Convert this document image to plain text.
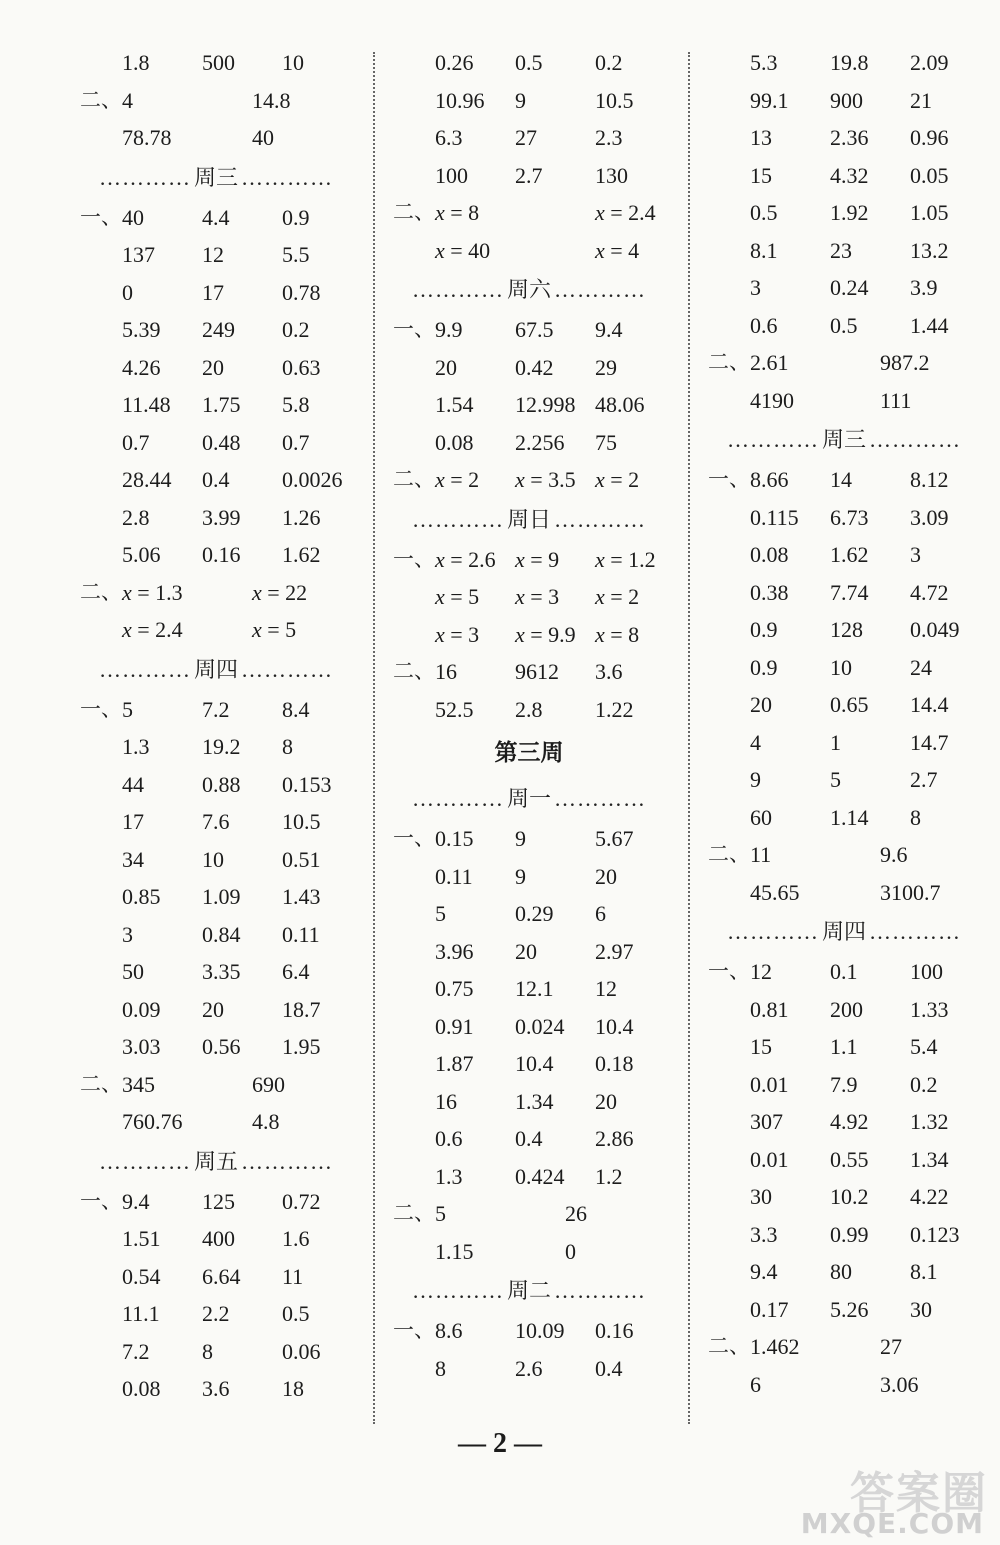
1.8 500 10
二、 4	14.8
78.78	40
………… 周三 …………
一、 40	4.4 0.9
137 12	5.5
0	17	0.78
5.39 249 0.2
4.26 20	0.63
11.48 1.75 5.8
0.7 0.48 0.7
28.44 0.4 0.0026
2.8 3.99 1.26
5.06 0.16 1.62
二、 x = 1.3	x = 22
x = 2.4	x = 5
………… 周四 …………
一、 5	7.2 8.4
1.3 19.2 8
44	0.88 0.153
17	7.6 10.5
34	10	0.51
0.85 1.09 1.43
3	0.84 0.11
50	3.35 6.4
0.09 20	18.7
3.03 0.56 1.95
二、 345	690
760.76	4.8
………… 周五 …………
一、 9.4 125 0.72
1.51 400 1.6
0.54 6.64 11
11.1 2.2 0.5
7.2 8	0.06
0.08 3.6 18
0.26 0.5 0.2
10.96 9	10.5
6.3 27	2.3
100 2.7 130
二、 x = 8	x = 2.4
x = 40	x = 4
………… 周六 …………
一、 9.9 67.5 9.4
20	0.42 29
1.54 12.998 48.06
0.08 2.256 75
二、 x = 2 x = 3.5 x = 2
………… 周日 …………
一、 x = 2.6 x = 9 x = 1.2
x = 5 x = 3 x = 2
x = 3 x = 9.9 x = 8
二、 16	9612 3.6
52.5 2.8 1.22
第三周
………… 周一 …………
一、 0.15 9	5.67
0.11 9	20
5	0.29 6
3.96 20	2.97
0.75 12.1 12
0.91 0.024 10.4
1.87 10.4 0.18
16	1.34 20
0.6 0.4 2.86
1.3 0.424 1.2
二、 5	26
1.15	0
………… 周二 …………
一、 8.6 10.09 0.16
8	2.6 0.4
5.3 19.8 2.09
99.1 900 21
13	2.36 0.96
15	4.32 0.05
0.5 1.92 1.05
8.1 23	13.2
3	0.24 3.9
0.6 0.5 1.44
二、 2.61	987.2
4190	111
………… 周三 …………
一、 8.66 14	8.12
0.115 6.73 3.09
0.08 1.62 3
0.38 7.74 4.72
0.9 128 0.049
0.9 10	24
20	0.65 14.4
4	1	14.7
9	5	2.7
60	1.14 8
二、 11	9.6
45.65	3100.7
………… 周四 …………
一、 12	0.1 100
0.81 200 1.33
15	1.1 5.4
0.01 7.9 0.2
307 4.92 1.32
0.01 0.55 1.34
30	10.2 4.22
3.3 0.99 0.123
9.4 80	8.1
0.17 5.26 30
二、 1.462	27
6	3.06
— 2 —
答案圈
MXQE.COM
